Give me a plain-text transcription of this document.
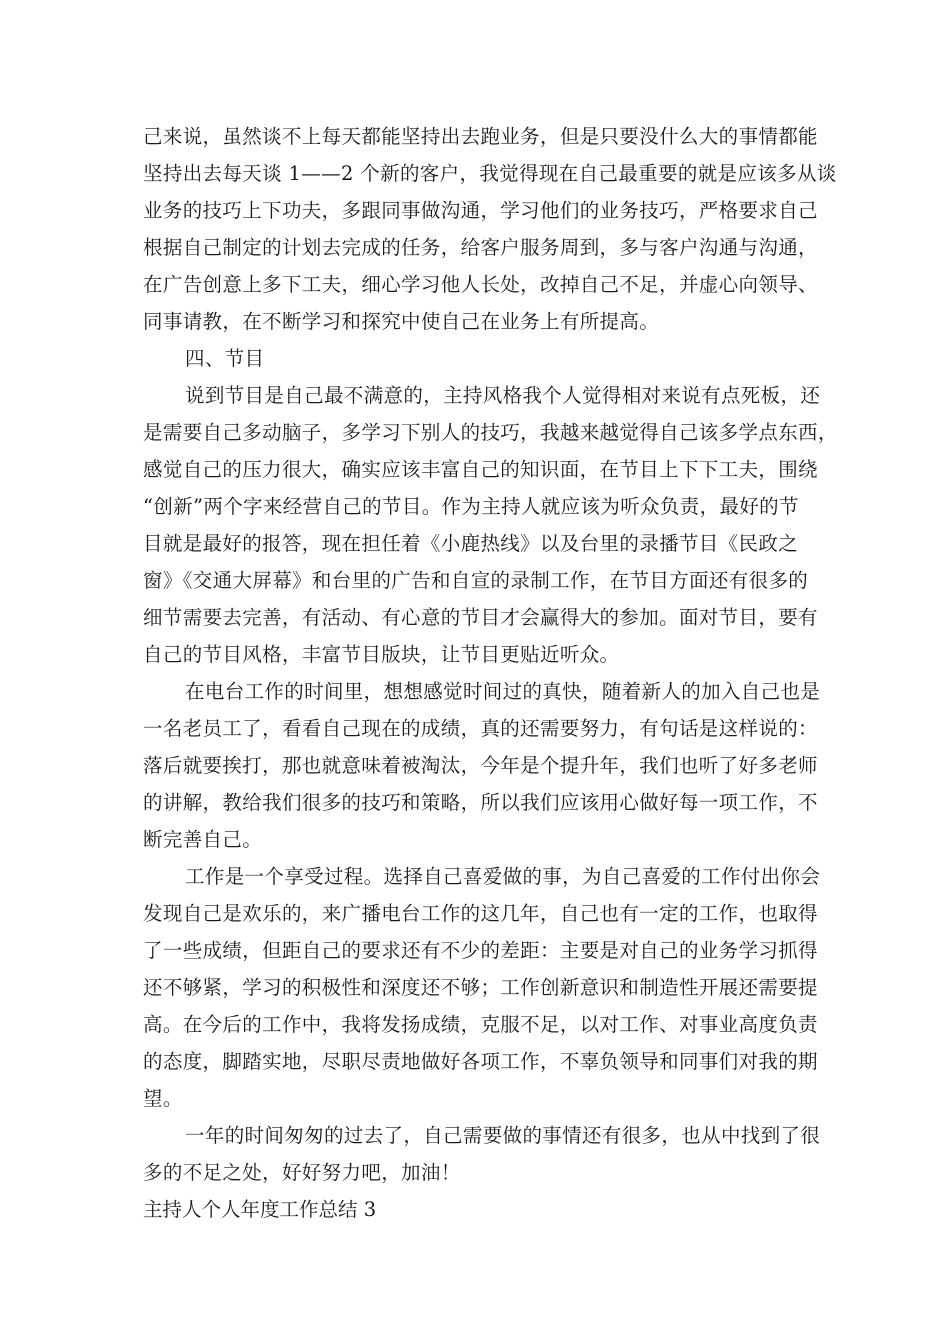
己来说，虽然谈不上每天都能坚持出去跑业务，但是只要没什么大的事情都能
坚持出去每天谈 1——2 个新的客户，我觉得现在自己最重要的就是应该多从谈
业务的技巧上下功夫，多跟同事做沟通，学习他们的业务技巧，严格要求自己
根据自己制定的计划去完成的任务，给客户服务周到，多与客户沟通与沟通，
在广告创意上多下工夫，细心学习他人长处，改掉自己不足，并虚心向领导、
同事请教，在不断学习和探究中使自己在业务上有所提高。
四、节目
说到节目是自己最不满意的，主持风格我个人觉得相对来说有点死板，还
是需要自己多动脑子，多学习下别人的技巧，我越来越觉得自己该多学点东西，
感觉自己的压力很大，确实应该丰富自己的知识面，在节目上下下工夫，围绕
“创新”两个字来经营自己的节目。作为主持人就应该为听众负责，最好的节
目就是最好的报答，现在担任着《小鹿热线》以及台里的录播节目《民政之
窗》《交通大屏幕》和台里的广告和自宣的录制工作，在节目方面还有很多的
细节需要去完善，有活动、有心意的节目才会赢得大的参加。面对节目，要有
自己的节目风格，丰富节目版块，让节目更贴近听众。
在电台工作的时间里，想想感觉时间过的真快，随着新人的加入自己也是
一名老员工了，看看自己现在的成绩，真的还需要努力，有句话是这样说的：
落后就要挨打，那也就意味着被淘汰，今年是个提升年，我们也听了好多老师
的讲解，教给我们很多的技巧和策略，所以我们应该用心做好每一项工作，不
断完善自己。
工作是一个享受过程。选择自己喜爱做的事，为自己喜爱的工作付出你会
发现自己是欢乐的，来广播电台工作的这几年，自己也有一定的工作，也取得
了一些成绩，但距自己的要求还有不少的差距：主要是对自己的业务学习抓得
还不够紧，学习的积极性和深度还不够；工作创新意识和制造性开展还需要提
高。在今后的工作中，我将发扬成绩，克服不足，以对工作、对事业高度负责
的态度，脚踏实地，尽职尽责地做好各项工作，不辜负领导和同事们对我的期
望。
一年的时间匆匆的过去了，自己需要做的事情还有很多，也从中找到了很
多的不足之处，好好努力吧，加油！
主持人个人年度工作总结 3
